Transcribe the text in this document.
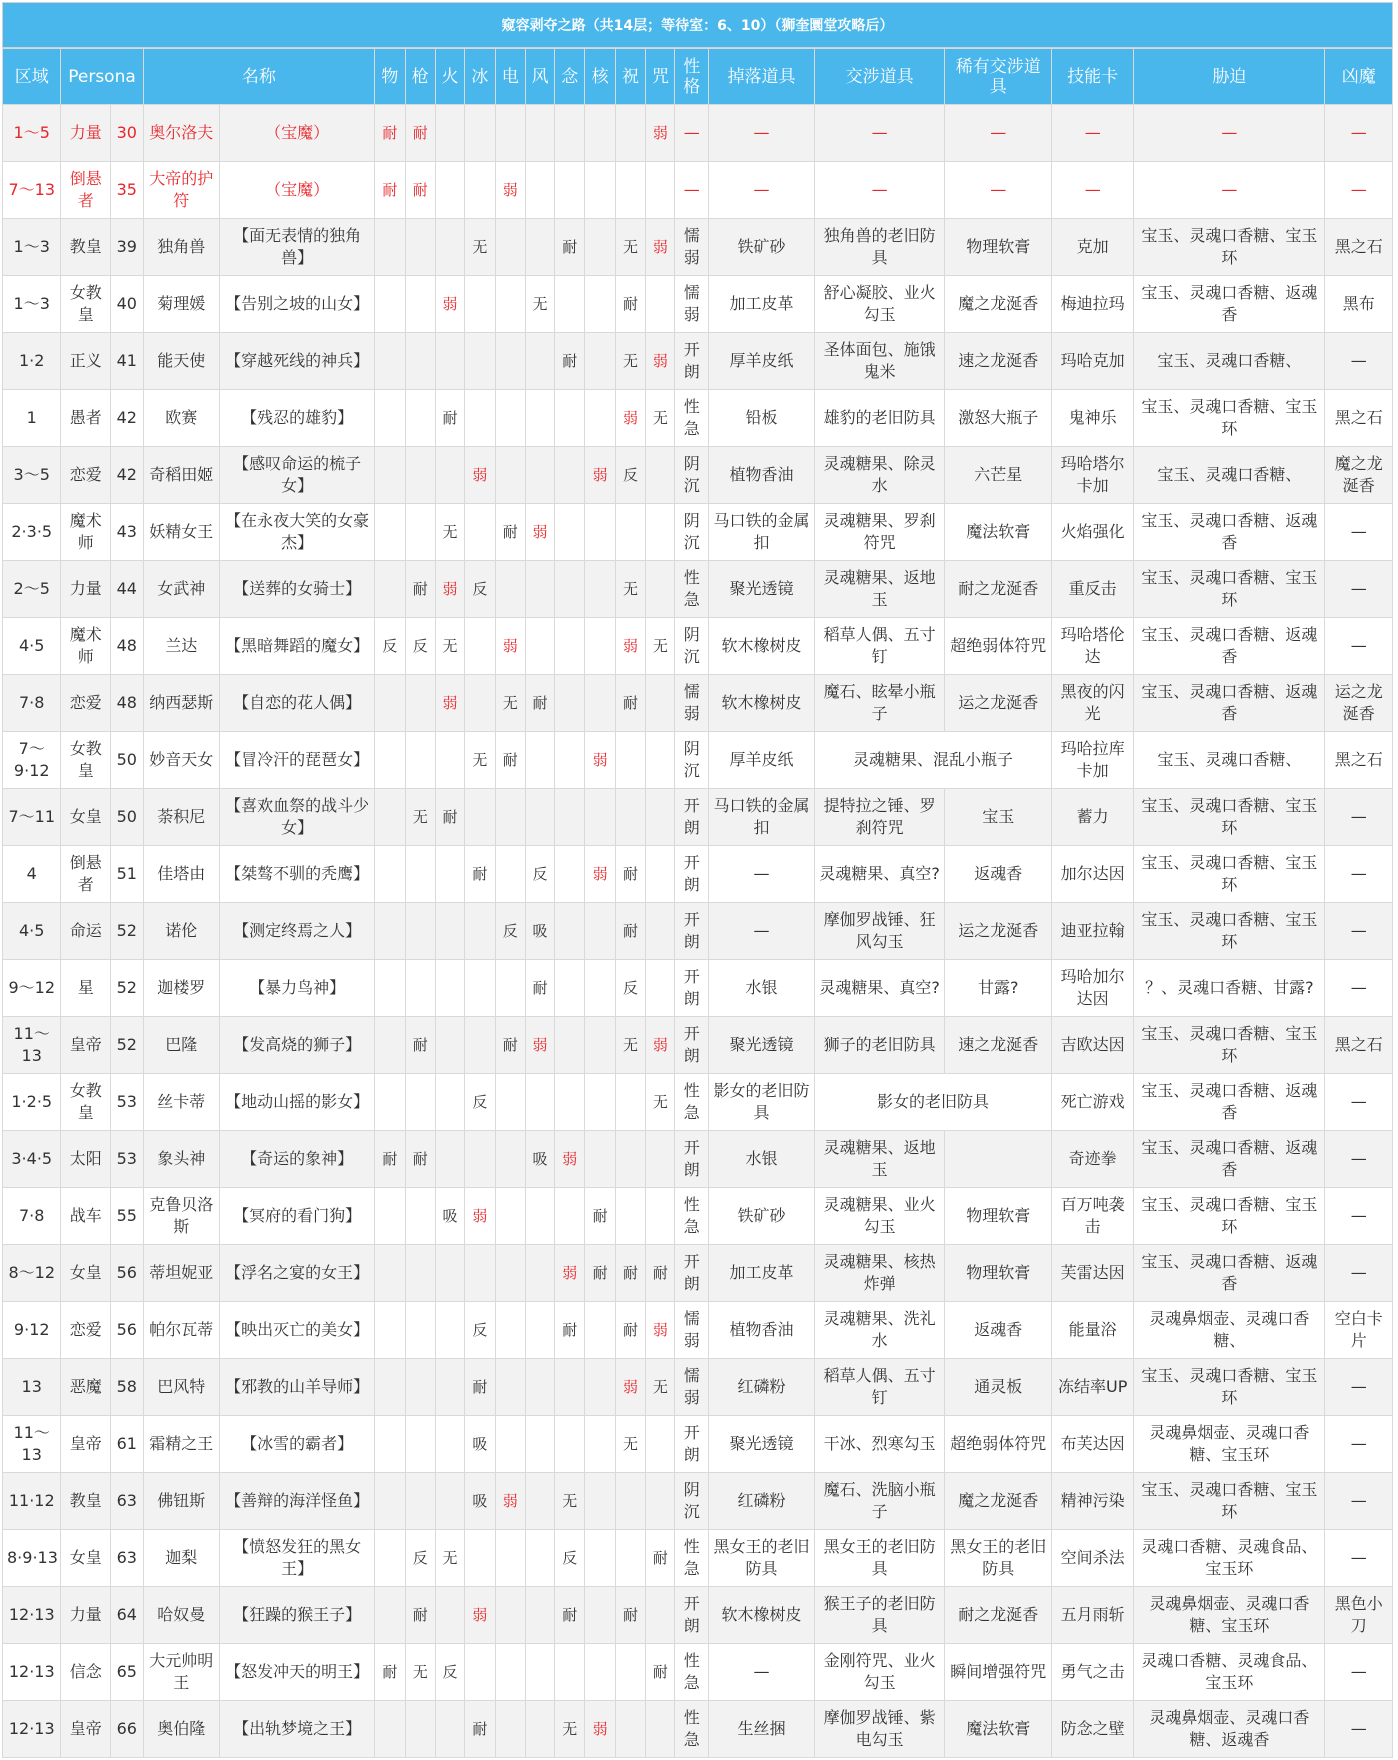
窥容剥夺之路（共14层；等待室：6、10）（狮奎圜堂攻略后）
区域	Persona		名称		物	枪	火	冰	电	风	念	核	祝	咒	性格	掉落道具	交涉道具	稀有交涉道具	技能卡	胁迫	凶魔
1～5	力量	30	奥尔洛夫	（宝魔）	耐	耐								弱	—	—	—	—	—	—	—
7～13	倒悬者	35	大帝的护符	（宝魔）	耐	耐			弱						—	—	—	—	—	—	—
1～3	教皇	39	独角兽	【面无表情的独角兽】				无			耐		无	弱	懦弱	铁矿砂	独角兽的老旧防具	物理软膏	克加	宝玉、灵魂口香糖、宝玉环	黑之石
1～3	女教皇	40	菊理媛	【告别之坡的山女】			弱			无			耐		懦弱	加工皮革	舒心凝胶、业火勾玉	魔之龙涎香	梅迪拉玛	宝玉、灵魂口香糖、返魂香	黑布
1·2	正义	41	能天使	【穿越死线的神兵】							耐		无	弱	开朗	厚羊皮纸	圣体面包、施饿鬼米	速之龙涎香	玛哈克加	宝玉、灵魂口香糖、	—
1	愚者	42	欧赛	【残忍的雄豹】			耐						弱	无	性急	铅板	雄豹的老旧防具	激怒大瓶子	鬼神乐	宝玉、灵魂口香糖、宝玉环	黑之石
3～5	恋爱	42	奇稻田姬	【感叹命运的梳子女】				弱				弱	反		阴沉	植物香油	灵魂糖果、除灵水	六芒星	玛哈塔尔卡加	宝玉、灵魂口香糖、	魔之龙涎香
2·3·5	魔术师	43	妖精女王	【在永夜大笑的女豪杰】			无		耐	弱					阴沉	马口铁的金属扣	灵魂糖果、罗刹符咒	魔法软膏	火焰强化	宝玉、灵魂口香糖、返魂香	—
2～5	力量	44	女武神	【送葬的女骑士】		耐	弱	反					无		性急	聚光透镜	灵魂糖果、返地玉	耐之龙涎香	重反击	宝玉、灵魂口香糖、宝玉环	—
4·5	魔术师	48	兰达	【黑暗舞蹈的魔女】	反	反	无		弱				弱	无	阴沉	软木橡树皮	稻草人偶、五寸钉	超绝弱体符咒	玛哈塔伦达	宝玉、灵魂口香糖、返魂香	—
7·8	恋爱	48	纳西瑟斯	【自恋的花人偶】			弱		无	耐			耐		懦弱	软木橡树皮	魔石、眩晕小瓶子	运之龙涎香	黑夜的闪光	宝玉、灵魂口香糖、返魂香	运之龙涎香
7～9·12	女教皇	50	妙音天女	【冒冷汗的琵琶女】				无	耐			弱			阴沉	厚羊皮纸	灵魂糖果、混乱小瓶子		玛哈拉库卡加	宝玉、灵魂口香糖、	黑之石
7～11	女皇	50	荼积尼	【喜欢血祭的战斗少女】		无	耐								开朗	马口铁的金属扣	提特拉之锤、罗刹符咒	宝玉	蓄力	宝玉、灵魂口香糖、宝玉环	—
4	倒悬者	51	佳塔由	【桀骜不驯的秃鹰】				耐		反		弱	耐		开朗	—	灵魂糖果、真空?	返魂香	加尔达因	宝玉、灵魂口香糖、宝玉环	—
4·5	命运	52	诺伦	【测定终焉之人】					反	吸			耐		开朗	—	摩伽罗战锤、狂风勾玉	运之龙涎香	迪亚拉翰	宝玉、灵魂口香糖、宝玉环	—
9～12	星	52	迦楼罗	【暴力鸟神】						耐			反		开朗	水银	灵魂糖果、真空?	甘露?	玛哈加尔达因	？、灵魂口香糖、甘露?	—
11～13	皇帝	52	巴隆	【发高烧的狮子】		耐			耐	弱			无	弱	开朗	聚光透镜	狮子的老旧防具	速之龙涎香	吉欧达因	宝玉、灵魂口香糖、宝玉环	黑之石
1·2·5	女教皇	53	丝卡蒂	【地动山摇的影女】				反						无	性急	影女的老旧防具	影女的老旧防具		死亡游戏	宝玉、灵魂口香糖、返魂香	—
3·4·5	太阳	53	象头神	【奇运的象神】	耐	耐				吸	弱				开朗	水银	灵魂糖果、返地玉		奇迹拳	宝玉、灵魂口香糖、返魂香	—
7·8	战车	55	克鲁贝洛斯	【冥府的看门狗】			吸	弱				耐			性急	铁矿砂	灵魂糖果、业火勾玉	物理软膏	百万吨袭击	宝玉、灵魂口香糖、宝玉环	—
8～12	女皇	56	蒂坦妮亚	【浮名之宴的女王】							弱	耐	耐	耐	开朗	加工皮革	灵魂糖果、核热炸弹	物理软膏	芙雷达因	宝玉、灵魂口香糖、返魂香	—
9·12	恋爱	56	帕尔瓦蒂	【映出灭亡的美女】				反			耐		耐	弱	懦弱	植物香油	灵魂糖果、洗礼水	返魂香	能量浴	灵魂鼻烟壶、灵魂口香糖、	空白卡片
13	恶魔	58	巴风特	【邪教的山羊导师】				耐					弱	无	懦弱	红磷粉	稻草人偶、五寸钉	通灵板	冻结率UP	宝玉、灵魂口香糖、宝玉环	—
11～13	皇帝	61	霜精之王	【冰雪的霸者】				吸					无		开朗	聚光透镜	干冰、烈寒勾玉	超绝弱体符咒	布芙达因	灵魂鼻烟壶、灵魂口香糖、宝玉环	—
11·12	教皇	63	佛钮斯	【善辩的海洋怪鱼】				吸	弱		无				阴沉	红磷粉	魔石、洗脑小瓶子	魔之龙涎香	精神污染	宝玉、灵魂口香糖、宝玉环	—
8·9·13	女皇	63	迦梨	【愤怒发狂的黑女王】		反	无				反			耐	性急	黑女王的老旧防具	黑女王的老旧防具	黑女王的老旧防具	空间杀法	灵魂口香糖、灵魂食品、宝玉环	—
12·13	力量	64	哈奴曼	【狂躁的猴王子】		耐		弱			耐		耐		开朗	软木橡树皮	猴王子的老旧防具	耐之龙涎香	五月雨斩	灵魂鼻烟壶、灵魂口香糖、宝玉环	黑色小刀
12·13	信念	65	大元帅明王	【怒发冲天的明王】	耐	无	反							耐	性急	—	金刚符咒、业火勾玉	瞬间增强符咒	勇气之击	灵魂口香糖、灵魂食品、宝玉环	—
12·13	皇帝	66	奥伯隆	【出轨梦境之王】				耐			无	弱			性急	生丝捆	摩伽罗战锤、紫电勾玉	魔法软膏	防念之壁	灵魂鼻烟壶、灵魂口香糖、返魂香	—
